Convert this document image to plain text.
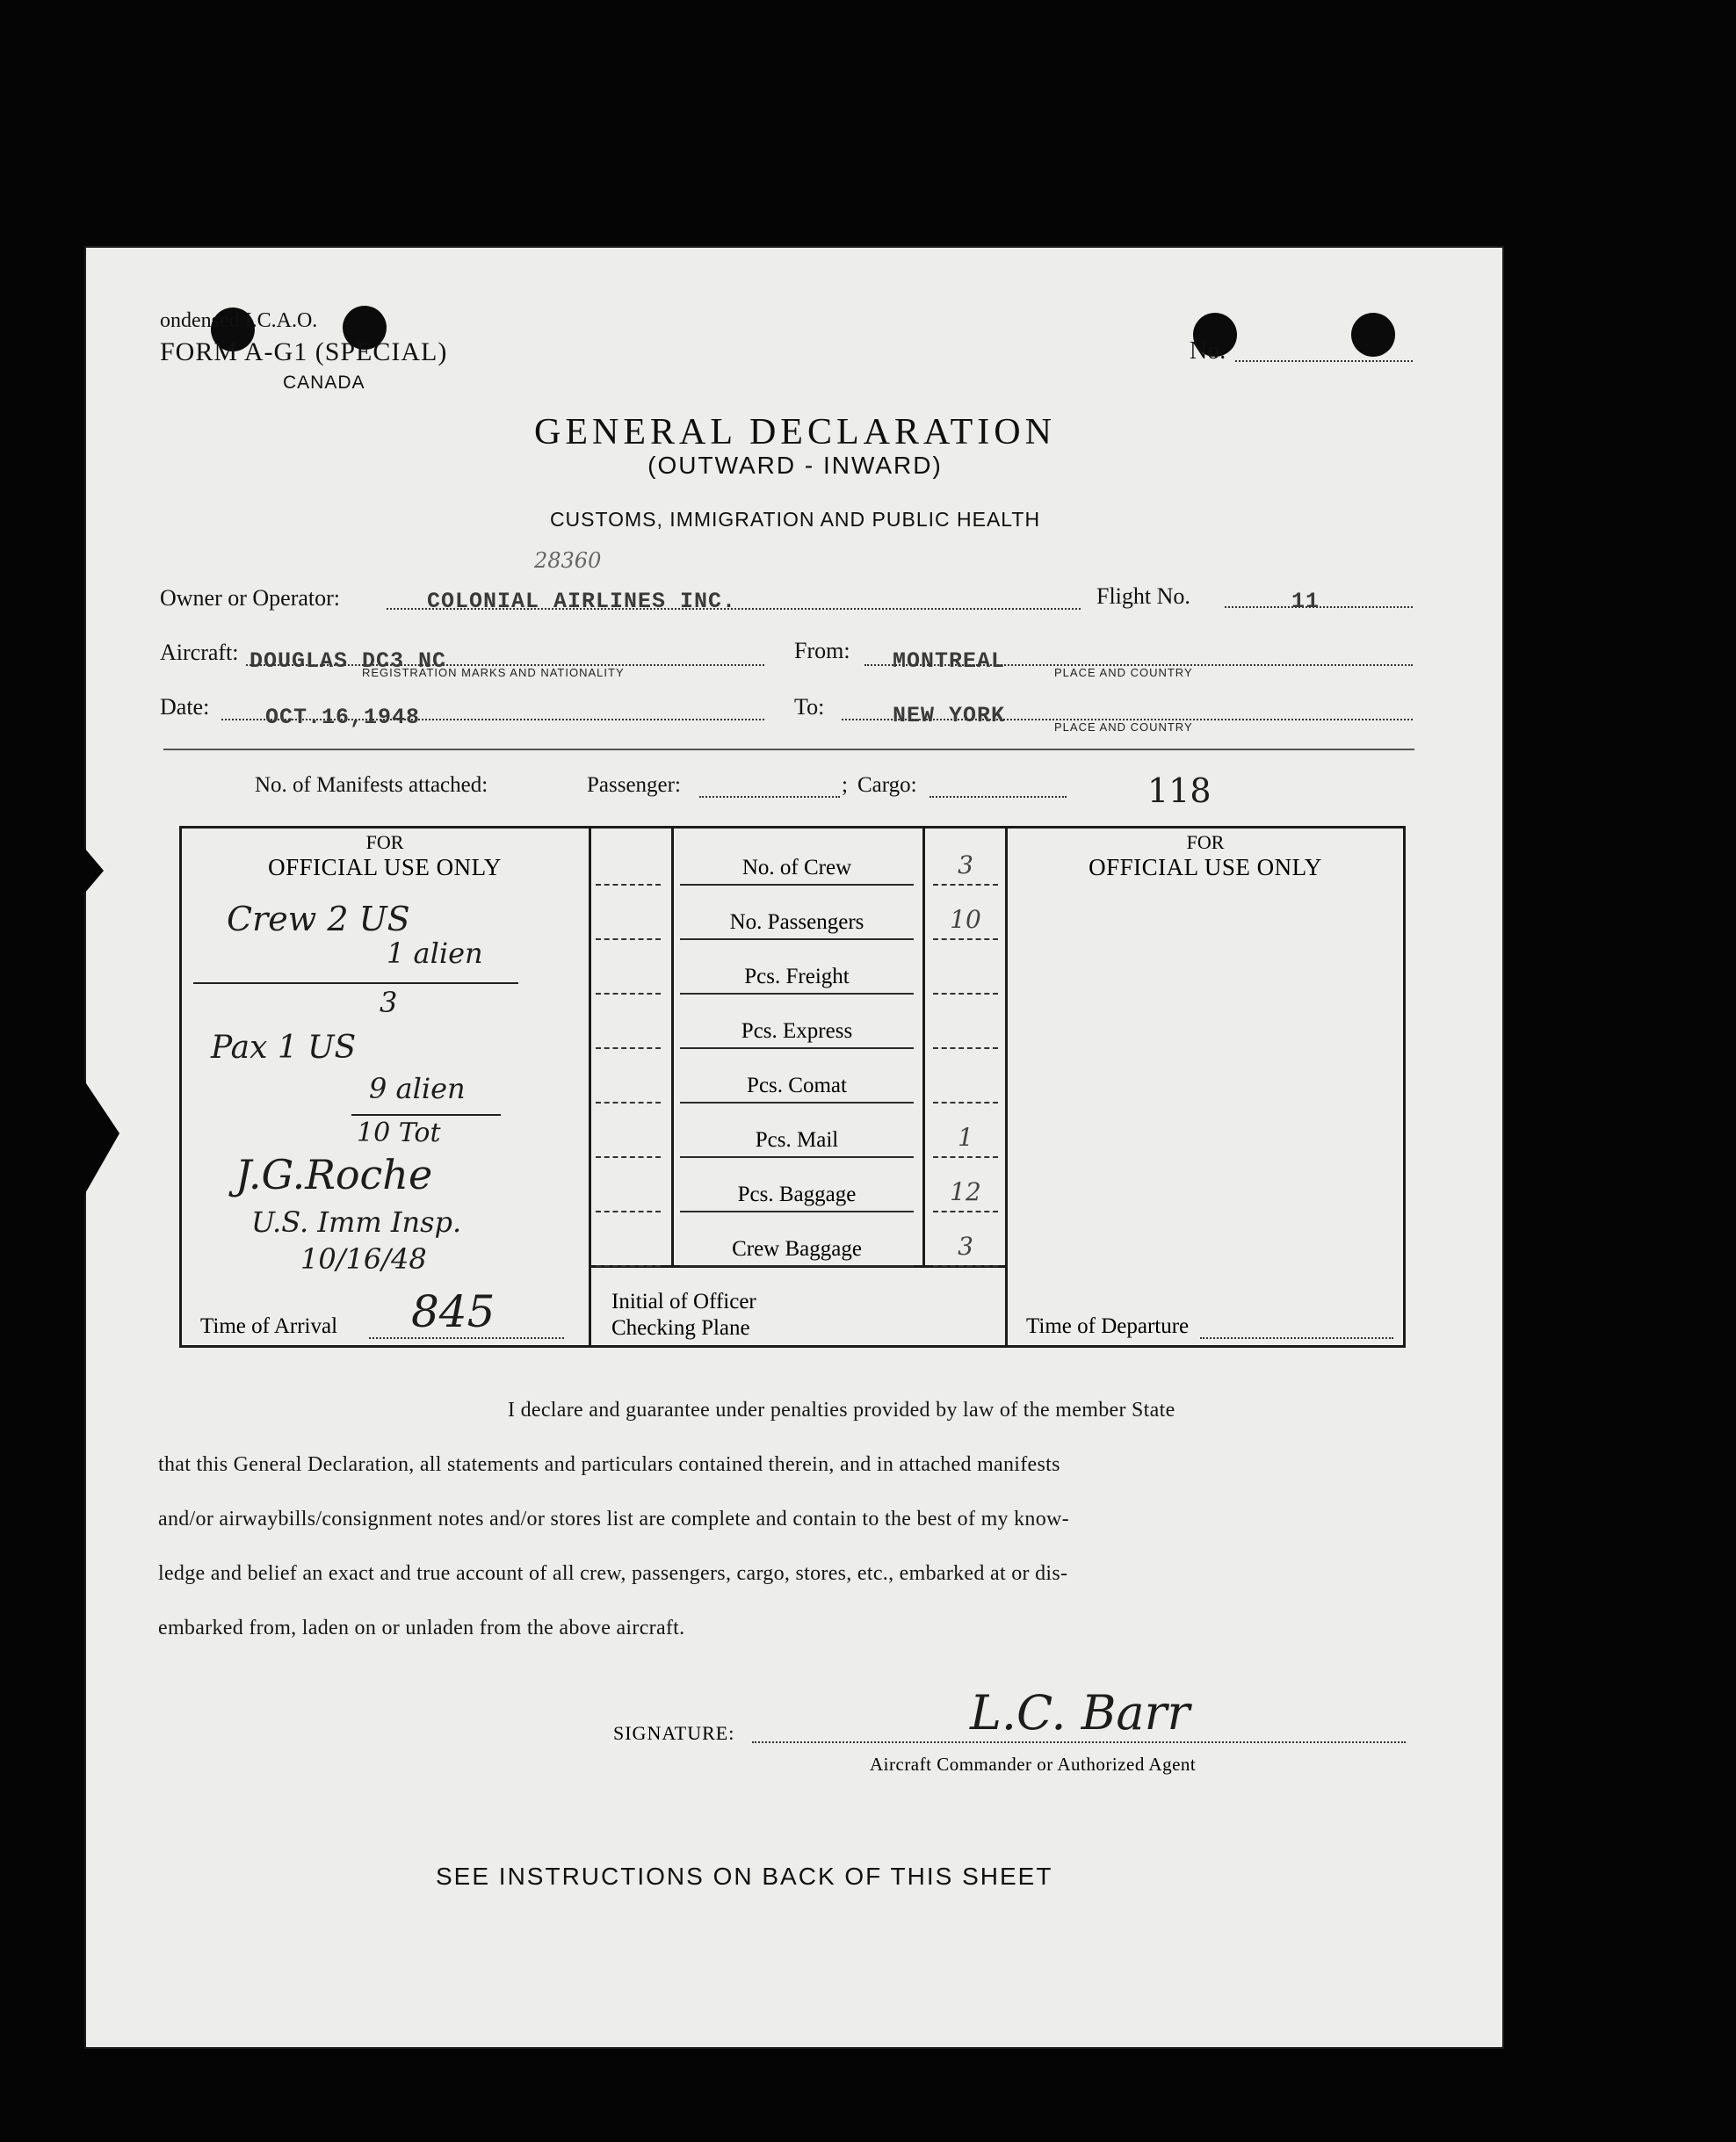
ondensed I.C.A.O.
FORM A-G1 (SPECIAL)
CANADA
No.
GENERAL DECLARATION
(OUTWARD - INWARD)
CUSTOMS, IMMIGRATION AND PUBLIC HEALTH
28360
Owner or Operator:	COLONIAL AIRLINES INC.	Flight No.	11
Aircraft: DOUGLAS DC3 NC
REGISTRATION MARKS AND NATIONALITY
From: MONTREAL	PLACE AND COUNTRY
Date:	OCT.16,1948	To:	NEW YORK	PLACE AND COUNTRY
No. of Manifests attached:	Passenger:	; Cargo:	118
FOR
OFFICIAL USE ONLY
FOR
OFFICIAL USE ONLY
No. of Crew	3
No. Passengers	10
Pcs. Freight
Pcs. Express
Pcs. Comat
Pcs. Mail	1
Pcs. Baggage	12
Crew Baggage	3
Crew 2 US
1 alien
3
Pax 1 US
9 alien
10 Tot
J.G.Roche
U.S. Imm Insp.
10/16/48
Time of Arrival 845	Initial of Officer
Checking Plane	Time of Departure
I declare and guarantee under penalties provided by law of the member State
that this General Declaration, all statements and particulars contained therein, and in attached manifests
and/or airwaybills/consignment notes and/or stores list are complete and contain to the best of my know-
ledge and belief an exact and true account of all crew, passengers, cargo, stores, etc., embarked at or dis-
embarked from, laden on or unladen from the above aircraft.
SIGNATURE:	L.C. Barr
Aircraft Commander or Authorized Agent
SEE INSTRUCTIONS ON BACK OF THIS SHEET
